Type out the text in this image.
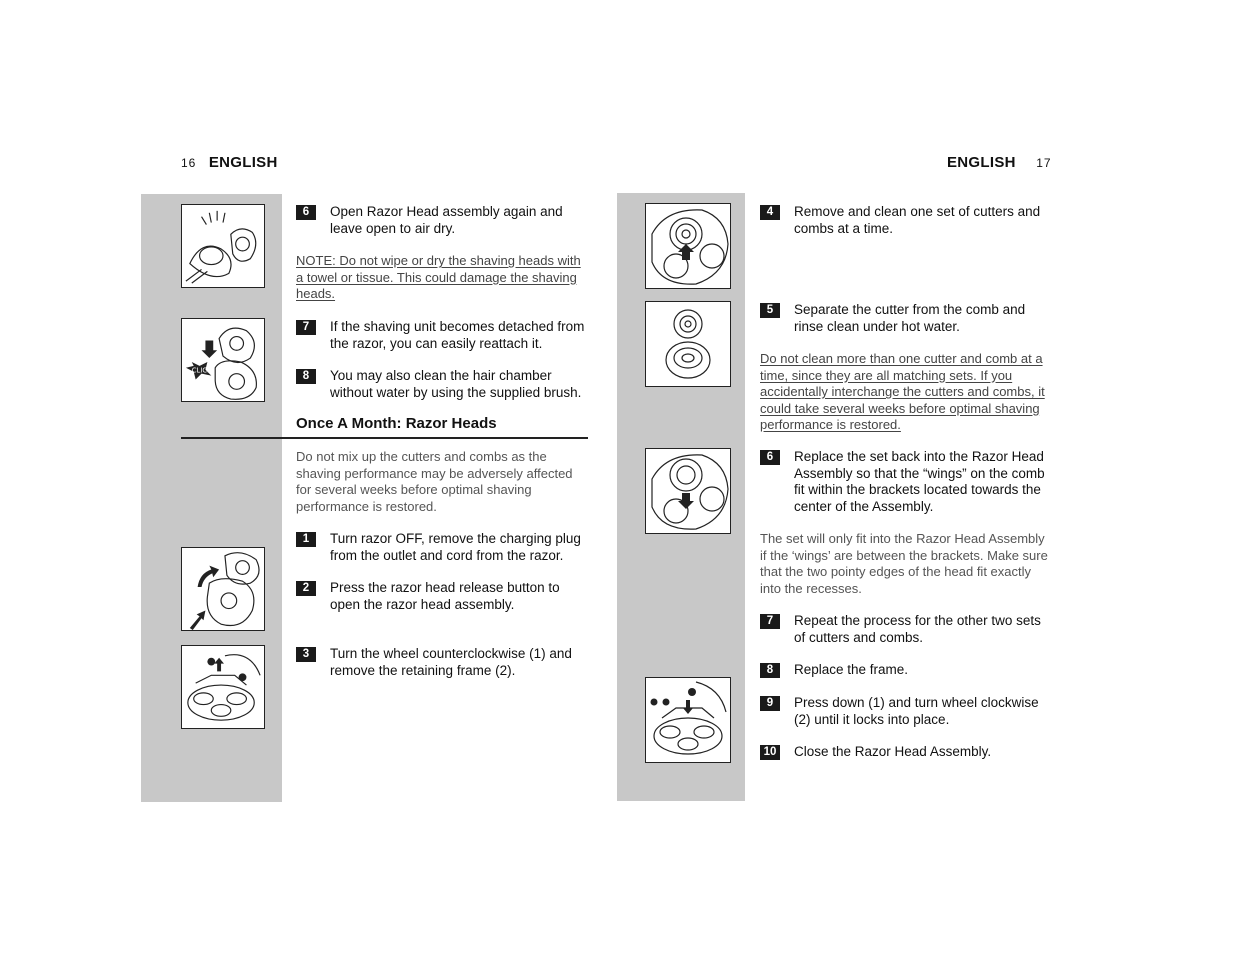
16 ENGLISH	ENGLISH 17
CLICK
6	Open Razor Head assembly again and leave open to air dry.
NOTE: Do not wipe or dry the shaving heads with a towel or tissue. This could damage the shaving heads.
7	If the shaving unit becomes detached from the razor, you can easily reattach it.
8	You may also clean the hair chamber without water by using the supplied brush.
Once A Month: Razor Heads
Do not mix up the cutters and combs as the shaving performance may be adversely affected for several weeks before optimal shaving performance is restored.
1	Turn razor OFF, remove the charging plug from the outlet and cord from the razor.
2	Press the razor head release button to open the razor head assembly.
3	Turn the wheel counterclockwise (1) and remove the retaining frame (2).
4	Remove and clean one set of cutters and combs at a time.
5	Separate the cutter from the comb and rinse clean under hot water.
Do not clean more than one cutter and comb at a time, since they are all matching sets. If you accidentally interchange the cutters and combs, it could take several weeks before optimal shaving performance is restored.
6	Replace the set back into the Razor Head Assembly so that the “wings” on the comb fit within the brackets located towards the center of the Assembly.
The set will only fit into the Razor Head Assembly if the ‘wings’ are between the brackets. Make sure that the two pointy edges of the head fit exactly into the recesses.
7	Repeat the process for the other two sets of cutters and combs.
8	Replace the frame.
9	Press down (1) and turn wheel clockwise (2) until it locks into place.
10 Close the Razor Head Assembly.
